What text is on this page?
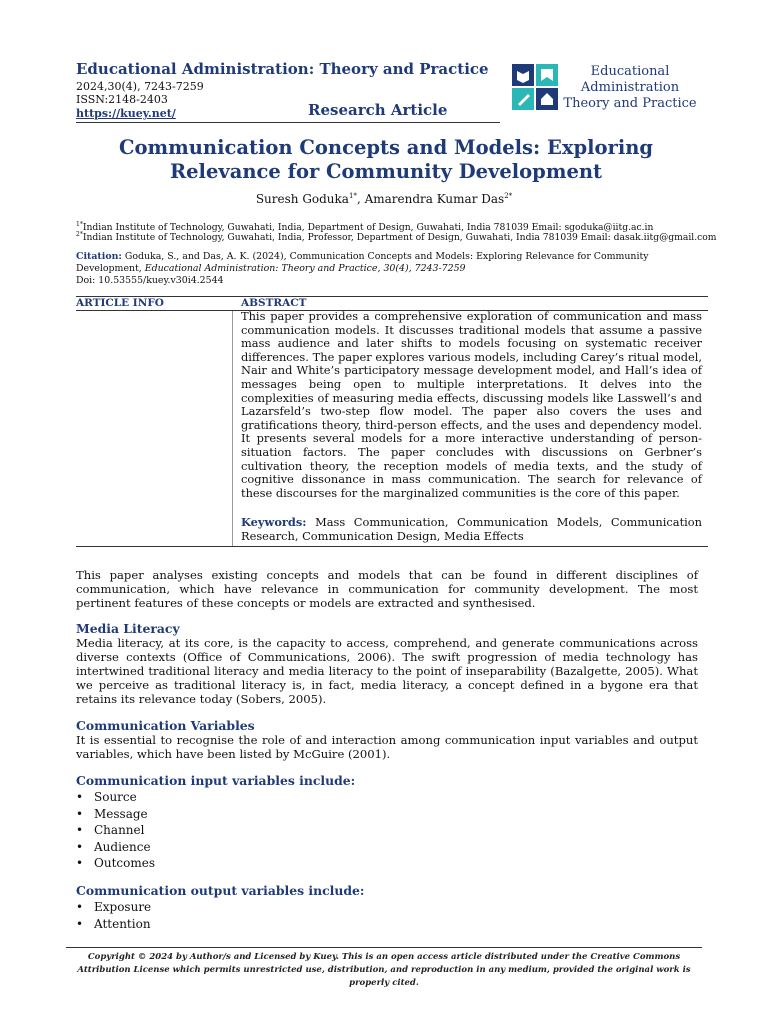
Educational Administration: Theory and Practice
2024,30(4), 7243-7259
ISSN:2148-2403
https://kuey.net/	Research Article
Educational
Administration
Theory and Practice
Communication Concepts and Models: Exploring
Relevance for Community Development
Suresh Goduka$^{1*}$, Amarendra Kumar Das$^{2*}$
$^{1*}$Indian Institute of Technology, Guwahati, India, Department of Design, Guwahati, India 781039 Email: sgoduka@iitg.ac.in
$^{2*}$Indian Institute of Technology, Guwahati, India, Professor, Department of Design, Guwahati, India 781039 Email: dasak.iitg@gmail.com
Citation: Goduka, S., and Das, A. K. (2024), Communication Concepts and Models: Exploring Relevance for Community Development, Educational Administration: Theory and Practice, 30(4), 7243-7259
Doi: 10.53555/kuey.v30i4.2544
ARTICLE INFO	ABSTRACT
This paper provides a comprehensive exploration of communication and mass communication models. It discusses traditional models that assume a passive mass audience and later shifts to models focusing on systematic receiver differences. The paper explores various models, including Carey’s ritual model, Nair and White’s participatory message development model, and Hall’s idea of messages being open to multiple interpretations. It delves into the complexities of measuring media effects, discussing models like Lasswell’s and Lazarsfeld’s two-step flow model. The paper also covers the uses and gratifications theory, third-person effects, and the uses and dependency model. It presents several models for a more interactive understanding of person-situation factors. The paper concludes with discussions on Gerbner’s cultivation theory, the reception models of media texts, and the study of cognitive dissonance in mass communication. The search for relevance of these discourses for the marginalized communities is the core of this paper.
Keywords: Mass Communication, Communication Models, Communication Research, Communication Design, Media Effects
This paper analyses existing concepts and models that can be found in different disciplines of communication, which have relevance in communication for community development. The most pertinent features of these concepts or models are extracted and synthesised.
Media Literacy
Media literacy, at its core, is the capacity to access, comprehend, and generate communications across diverse contexts (Office of Communications, 2006). The swift progression of media technology has intertwined traditional literacy and media literacy to the point of inseparability (Bazalgette, 2005). What we perceive as traditional literacy is, in fact, media literacy, a concept defined in a bygone era that retains its relevance today (Sobers, 2005).
Communication Variables
It is essential to recognise the role of and interaction among communication input variables and output variables, which have been listed by McGuire (2001).
Communication input variables include:
• Source
• Message
• Channel
• Audience
• Outcomes
Communication output variables include:
• Exposure
• Attention
Copyright © 2024 by Author/s and Licensed by Kuey. This is an open access article distributed under the Creative Commons Attribution License which permits unrestricted use, distribution, and reproduction in any medium, provided the original work is properly cited.
